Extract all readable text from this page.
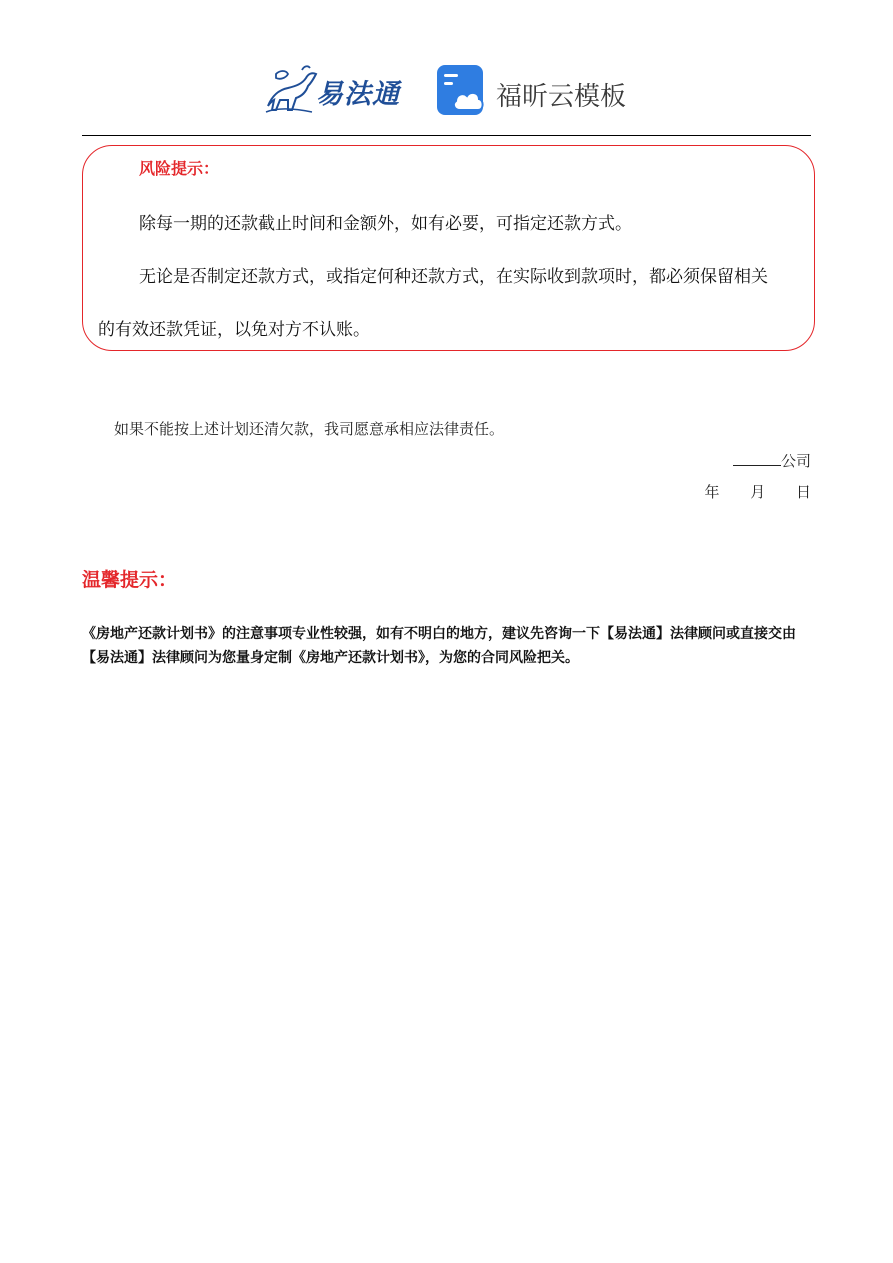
易法通	福昕云模板
风险提示：
除每一期的还款截止时间和金额外，如有必要，可指定还款方式。
无论是否制定还款方式，或指定何种还款方式，在实际收到款项时，都必须保留相关
的有效还款凭证，以免对方不认账。
如果不能按上述计划还清欠款，我司愿意承相应法律责任。
公司
年 月 日
温馨提示：
《房地产还款计划书》的注意事项专业性较强，如有不明白的地方，建议先咨询一下【易法通】法律顾问或直接交由【易法通】法律顾问为您量身定制《房地产还款计划书》，为您的合同风险把关。
